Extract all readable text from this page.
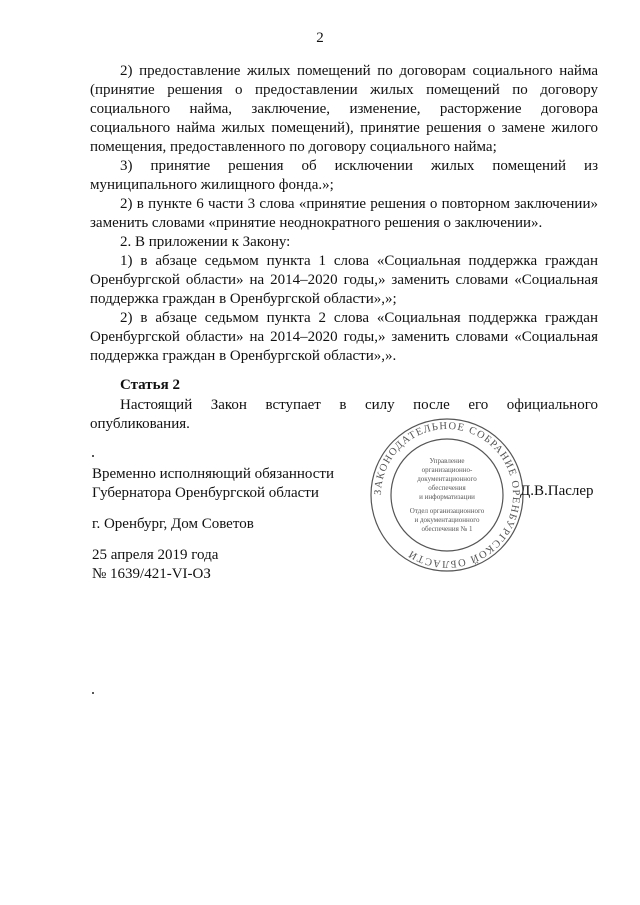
2

2) предоставление жилых помещений по договорам социального найма (принятие решения о предоставлении жилых помещений по договору социального найма, заключение, изменение, расторжение договора социального найма жилых помещений), принятие решения о замене жилого помещения, предоставленного по договору социального найма;

3) принятие решения об исключении жилых помещений из муниципального жилищного фонда.»;

2) в пункте 6 части 3 слова «принятие решения о повторном заключении» заменить словами «принятие неоднократного решения о заключении».

2. В приложении к Закону:

1) в абзаце седьмом пункта 1 слова «Социальная поддержка граждан Оренбургской области» на 2014–2020 годы,» заменить словами «Социальная поддержка граждан в Оренбургской области»,»;

2) в абзаце седьмом пункта 2 слова «Социальная поддержка граждан Оренбургской области» на 2014–2020 годы,» заменить словами «Социальная поддержка граждан в Оренбургской области»,».

Статья 2

Настоящий Закон вступает в силу после его официального опубликования.

Временно исполняющий обязанности
Губернатора Оренбургской области	ЗАКОНОДАТЕЛЬНОЕ СОБРАНИЕ ОРЕНБУРГСКОЙ ОБЛАСТИ
Управление
организационно-
документационного
обеспечения
и информатизации
Отдел организационного
и документационного
обеспечения № 1
Д.В.Паслер
г. Оренбург, Дом Советов
25 апреля 2019 года
№ 1639/421-VI-ОЗ
